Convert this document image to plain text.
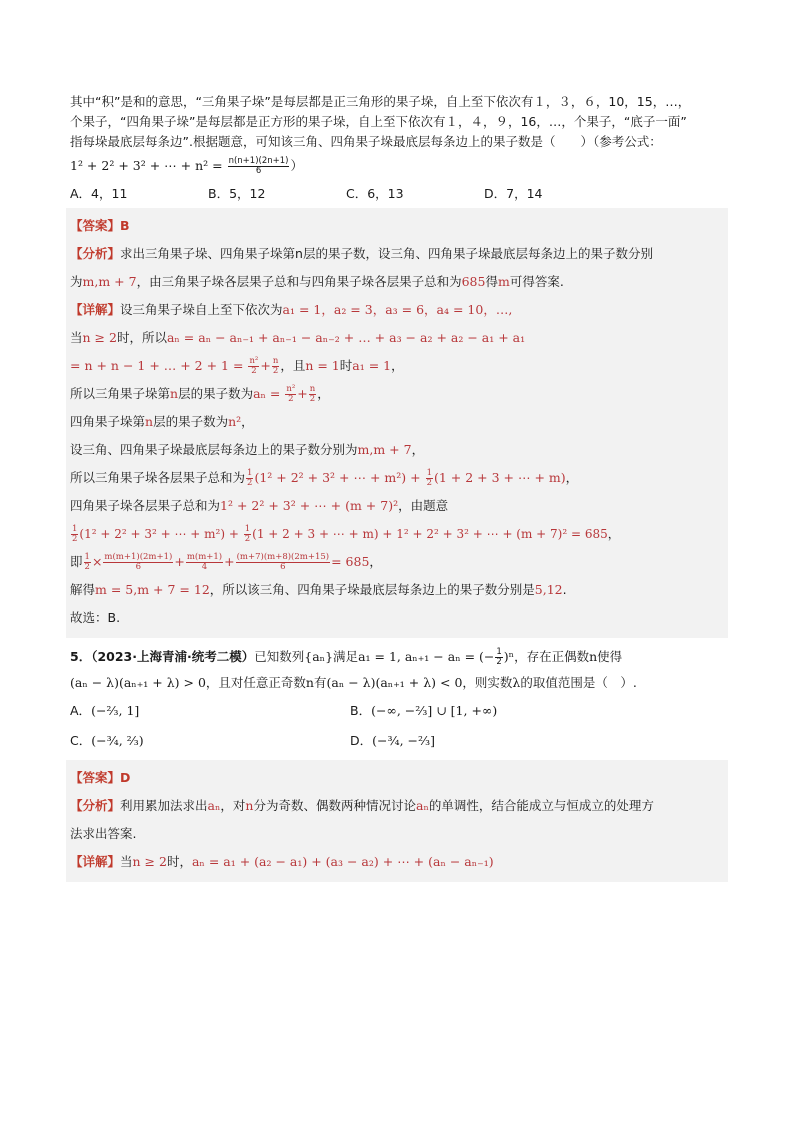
其中“积”是和的意思，“三角果子垛”是每层都是正三角形的果子垛，自上至下依次有１，３，６，10，15，…，
个果子，“四角果子垛”是每层都是正方形的果子垛，自上至下依次有１，４，９，16，…，个果子，“底子一面”
指每垛最底层每条边”.根据题意，可知该三角、四角果子垛最底层每条边上的果子数是（　　）（参考公式：
1² + 2² + 3² + ⋯ + $n^2 = \frac{n(n+1)(2n+1)}{6}$ ）
A．4，11	B．5，12	C．6，13	D．7，14
【答案】B
【分析】求出三角果子垛、四角果子垛第n层的果子数，设三角、四角果子垛最底层每条边上的果子数分别
为m,m + 7，由三角果子垛各层果子总和与四角果子垛各层果子总和为685得m可得答案.
【详解】设三角果子垛自上至下依次为a₁ = 1，a₂ = 3，a₃ = 6，a₄ = 10，…,
当n ≥ 2时，所以aₙ = aₙ − aₙ₋₁ + aₙ₋₁ − aₙ₋₂ + … + a₃ − a₂ + a₂ − a₁ + a₁
= n + n − 1 + … + $2 + 1 = \frac{\text{n²}}{2} + \frac{n}{2}$ ，且n = 1时a₁ = 1，
所以三角果子垛第n层的果子数为$a_n = \frac{\text{n²}}{2} + \frac{n}{2}$ ，
四角果子垛第n层的果子数为n²，
设三角、四角果子垛最底层每条边上的果子数分别为m,m + 7，
所以三角果子垛各层果子总和为 $\frac{1}{2} (1^2 + 2^2 + 3^2$ + ⋯ + $m^2) + \frac{1}{2} (1 + 2 + 3$ + ⋯ + m)，
四角果子垛各层果子总和为1² + 2² + 3² + ⋯ + (m + 7)²，由题意
$\frac{1}{2} (1^2 + 2^2 + 3^2$ + ⋯ + $m^2) + \frac{1}{2} (1 + 2 + 3$ + ⋯ + m) + 1² + 2² + 3² + ⋯ + (m + 7)² = 685，
即 $\frac{1}{2} \times \frac{m(m+1)(2m+1)}{6} + \frac{m(m+1)}{4} + \frac{(m+7)(m+8)(2m+15)}{6} = 685$，
解得m = 5,m + 7 = 12，所以该三角、四角果子垛最底层每条边上的果子数分别是5,12.
故选：B.
5．（2023·上海青浦·统考二模）已知数列{aₙ}满足a₁ = 1, aₙ₊₁ − aₙ = (− $\frac{1}{2} )^n$，存在正偶数n使得
(aₙ − λ)(aₙ₊₁ + λ) > 0，且对任意正奇数n有(aₙ − λ)(aₙ₊₁ + λ) < 0，则实数λ的取值范围是（　）.
A．(−⅔, 1]	B．(−∞, −⅔] ∪ [1, +∞)
C．(−¾, ⅔)	D．(−¾, −⅔]
【答案】D
【分析】利用累加法求出aₙ，对n分为奇数、偶数两种情况讨论aₙ的单调性，结合能成立与恒成立的处理方
法求出答案.
【详解】当n ≥ 2时，aₙ = a₁ + (a₂ − a₁) + (a₃ − a₂) + ⋯ + (aₙ − aₙ₋₁)
